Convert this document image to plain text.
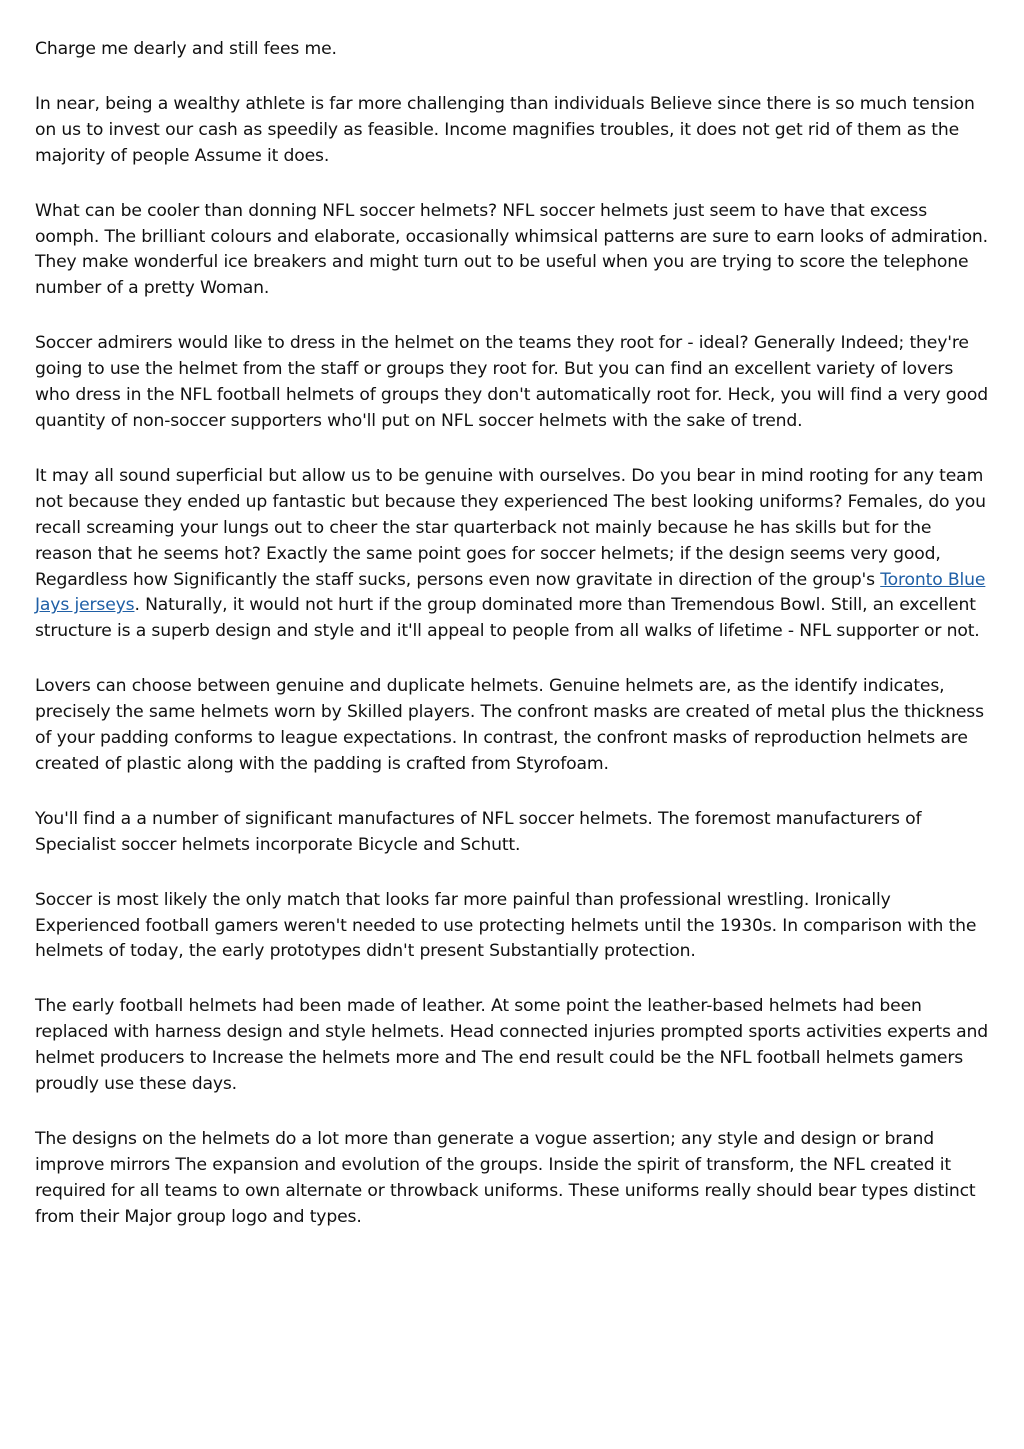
Charge me dearly and still fees me.

In near, being a wealthy athlete is far more challenging than individuals Believe since there is so much tension on us to invest our cash as speedily as feasible. Income magnifies troubles, it does not get rid of them as the majority of people Assume it does.

What can be cooler than donning NFL soccer helmets? NFL soccer helmets just seem to have that excess oomph. The brilliant colours and elaborate, occasionally whimsical patterns are sure to earn looks of admiration. They make wonderful ice breakers and might turn out to be useful when you are trying to score the telephone number of a pretty Woman.

Soccer admirers would like to dress in the helmet on the teams they root for - ideal? Generally Indeed; they're going to use the helmet from the staff or groups they root for. But you can find an excellent variety of lovers who dress in the NFL football helmets of groups they don't automatically root for. Heck, you will find a very good quantity of non-soccer supporters who'll put on NFL soccer helmets with the sake of trend.

It may all sound superficial but allow us to be genuine with ourselves. Do you bear in mind rooting for any team not because they ended up fantastic but because they experienced The best looking uniforms? Females, do you recall screaming your lungs out to cheer the star quarterback not mainly because he has skills but for the reason that he seems hot? Exactly the same point goes for soccer helmets; if the design seems very good, Regardless how Significantly the staff sucks, persons even now gravitate in direction of the group's Toronto Blue Jays jerseys. Naturally, it would not hurt if the group dominated more than Tremendous Bowl. Still, an excellent structure is a superb design and style and it'll appeal to people from all walks of lifetime - NFL supporter or not.

Lovers can choose between genuine and duplicate helmets. Genuine helmets are, as the identify indicates, precisely the same helmets worn by Skilled players. The confront masks are created of metal plus the thickness of your padding conforms to league expectations. In contrast, the confront masks of reproduction helmets are created of plastic along with the padding is crafted from Styrofoam.

You'll find a a number of significant manufactures of NFL soccer helmets. The foremost manufacturers of Specialist soccer helmets incorporate Bicycle and Schutt.

Soccer is most likely the only match that looks far more painful than professional wrestling. Ironically Experienced football gamers weren't needed to use protecting helmets until the 1930s. In comparison with the helmets of today, the early prototypes didn't present Substantially protection.

The early football helmets had been made of leather. At some point the leather-based helmets had been replaced with harness design and style helmets. Head connected injuries prompted sports activities experts and helmet producers to Increase the helmets more and The end result could be the NFL football helmets gamers proudly use these days.

The designs on the helmets do a lot more than generate a vogue assertion; any style and design or brand improve mirrors The expansion and evolution of the groups. Inside the spirit of transform, the NFL created it required for all teams to own alternate or throwback uniforms. These uniforms really should bear types distinct from their Major group logo and types.
